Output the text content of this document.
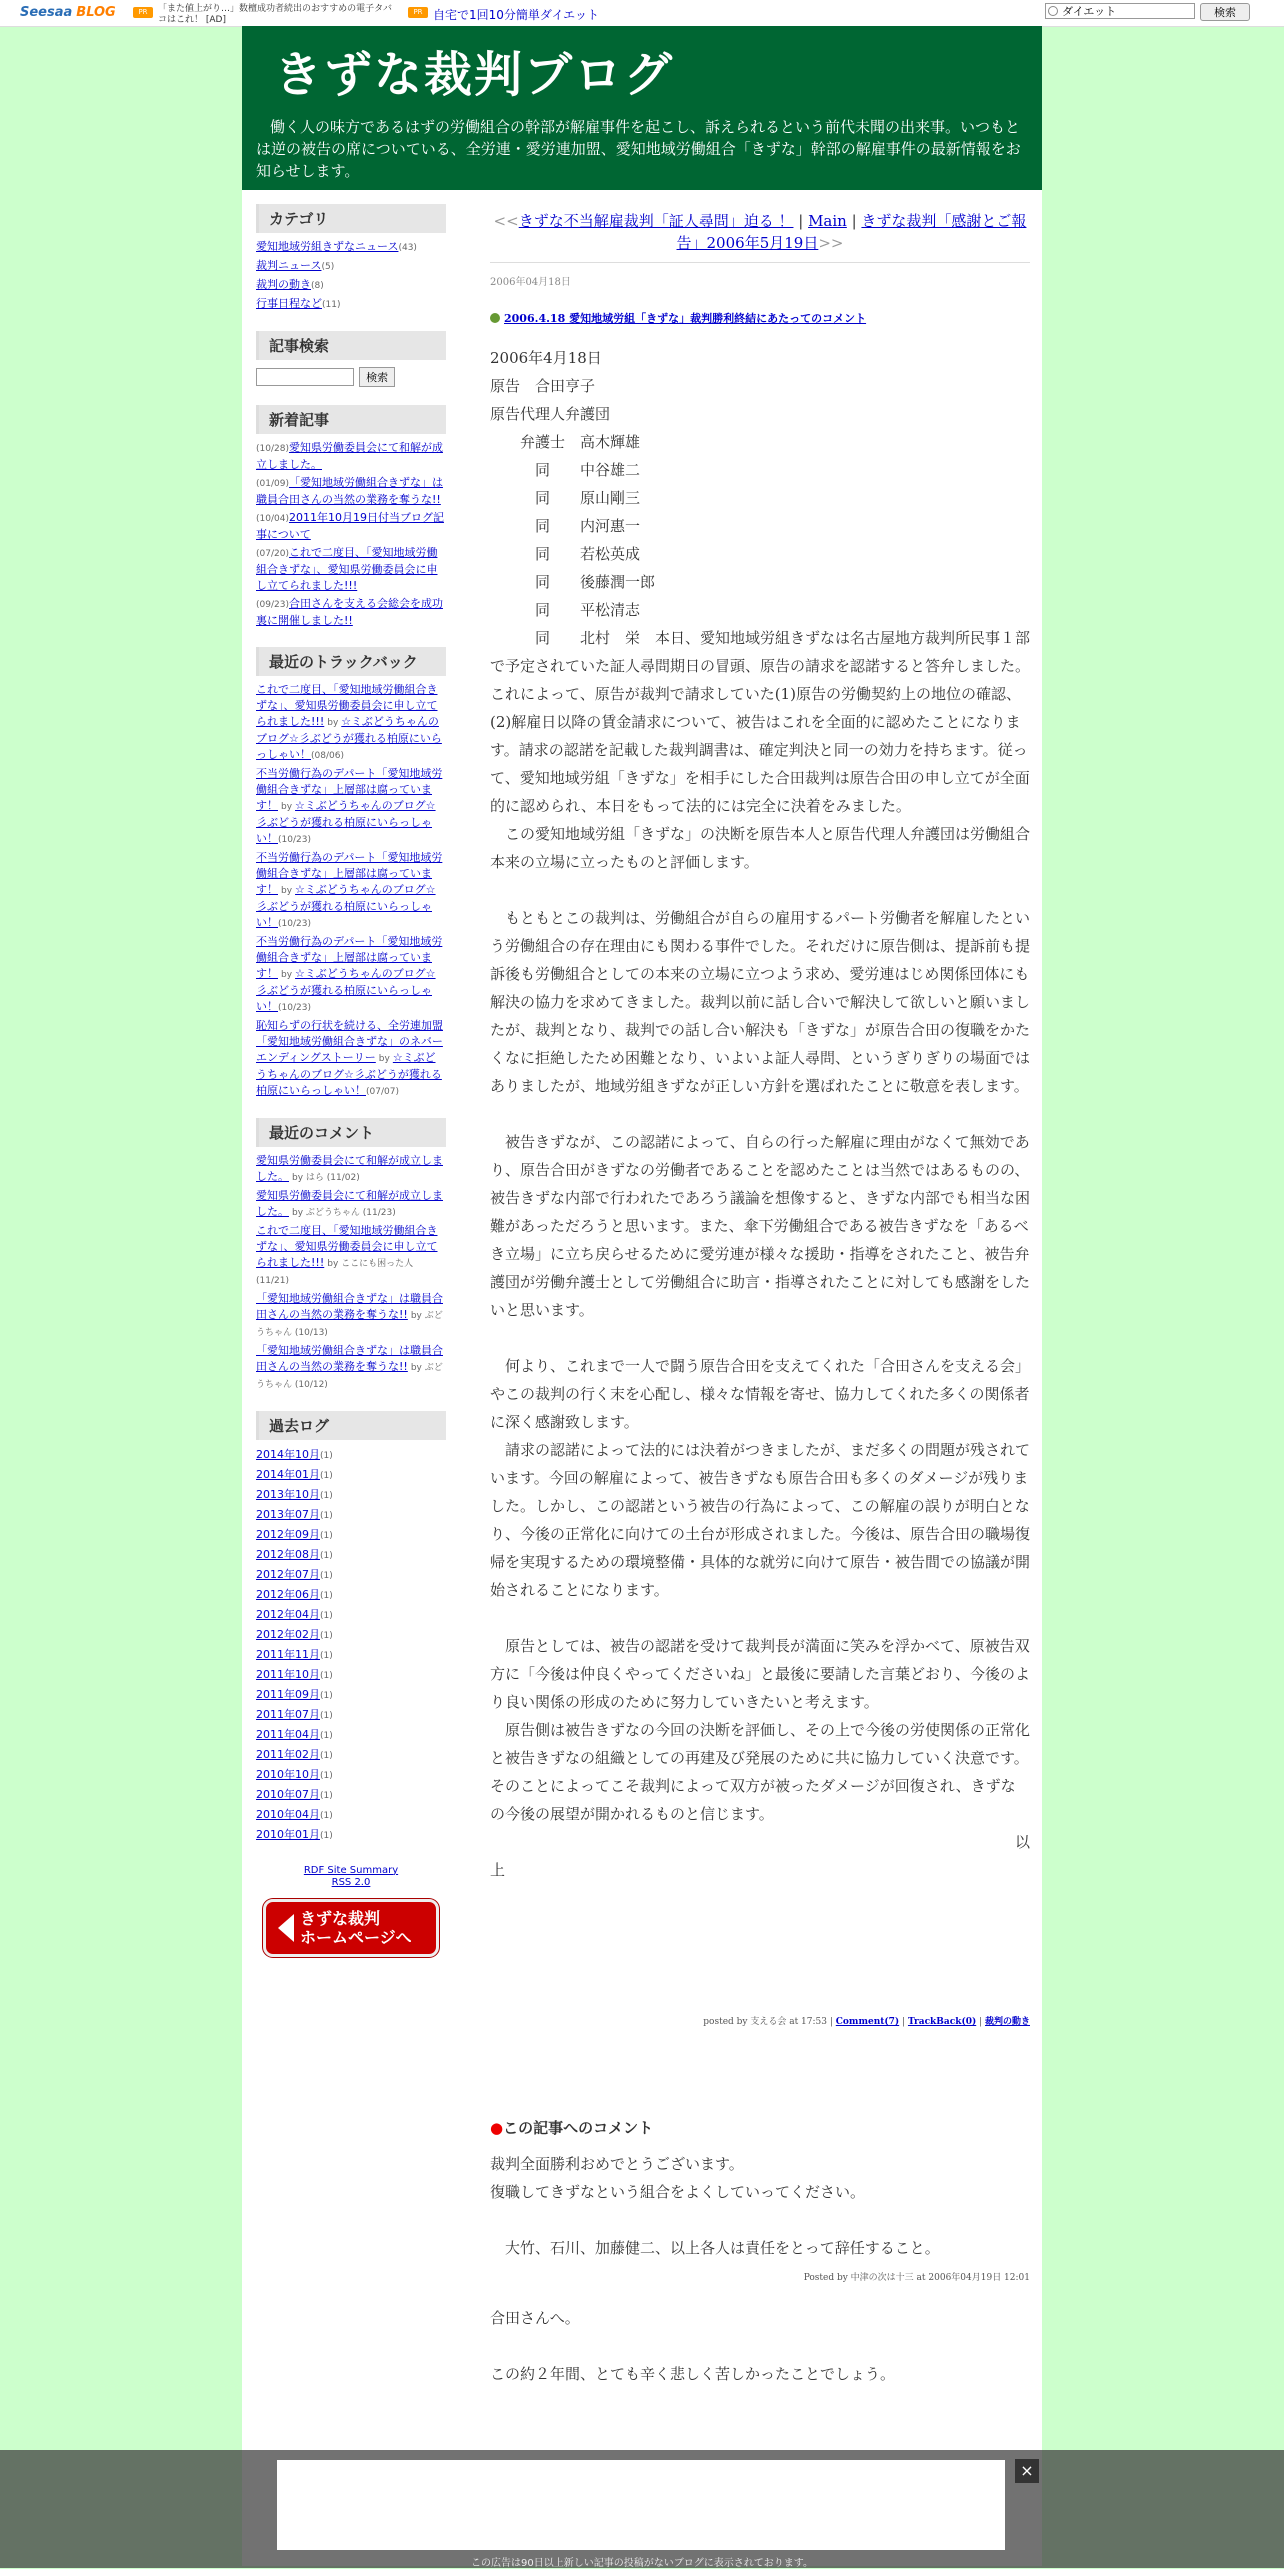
Seesaa BLOG	PR	「また値上がり…」数檀成功者続出のおすすめの電子タバコはこれ！ [AD]
PR 自宅で1回10分簡単ダイエット
ダイエット	検索
きずな裁判ブログ
働く人の味方であるはずの労働組合の幹部が解雇事件を起こし、訴えられるという前代未聞の出来事。いつもとは逆の被告の席についている、全労連・愛労連加盟、愛知地域労働組合「きずな」幹部の解雇事件の最新情報をお知らせします。
カテゴリ
愛知地域労組きずなニュース(43)
裁判ニュース(5)
裁判の動き(8)
行事日程など(11)
記事検索
検索
新着記事
(10/28)愛知県労働委員会にて和解が成立しました。
(01/09)「愛知地域労働組合きずな」は職員合田さんの当然の業務を奪うな!!
(10/04)2011年10月19日付当ブログ記事について
(07/20)これで二度目、「愛知地域労働組合きずな」、愛知県労働委員会に申し立てられました!!!
(09/23)合田さんを支える会総会を成功裏に開催しました!!
最近のトラックバック
これで二度目、「愛知地域労働組合きずな」、愛知県労働委員会に申し立てられました!!! by ☆ミぶどうちゃんのブログ☆彡ぶどうが獲れる柏原にいらっしゃい！(08/06)
不当労働行為のデパート「愛知地域労働組合きずな」上層部は腐っています！ by ☆ミぶどうちゃんのブログ☆彡ぶどうが獲れる柏原にいらっしゃい！(10/23)
不当労働行為のデパート「愛知地域労働組合きずな」上層部は腐っています！ by ☆ミぶどうちゃんのブログ☆彡ぶどうが獲れる柏原にいらっしゃい！(10/23)
不当労働行為のデパート「愛知地域労働組合きずな」上層部は腐っています！ by ☆ミぶどうちゃんのブログ☆彡ぶどうが獲れる柏原にいらっしゃい！(10/23)
恥知らずの行状を続ける、全労連加盟「愛知地域労働組合きずな」のネバーエンディングストーリー by ☆ミぶどうちゃんのブログ☆彡ぶどうが獲れる柏原にいらっしゃい！(07/07)
最近のコメント
愛知県労働委員会にて和解が成立しました。 by はら (11/02)
愛知県労働委員会にて和解が成立しました。 by ぶどうちゃん (11/23)
これで二度目、「愛知地域労働組合きずな」、愛知県労働委員会に申し立てられました!!! by ここにも困った人 (11/21)
「愛知地域労働組合きずな」は職員合田さんの当然の業務を奪うな!! by ぶどうちゃん (10/13)
「愛知地域労働組合きずな」は職員合田さんの当然の業務を奪うな!! by ぶどうちゃん (10/12)
過去ログ
2014年10月(1)
2014年01月(1)
2013年10月(1)
2013年07月(1)
2012年09月(1)
2012年08月(1)
2012年07月(1)
2012年06月(1)
2012年04月(1)
2012年02月(1)
2011年11月(1)
2011年10月(1)
2011年09月(1)
2011年07月(1)
2011年04月(1)
2011年02月(1)
2010年10月(1)
2010年07月(1)
2010年04月(1)
2010年01月(1)
RDF Site Summary
RSS 2.0
きずな裁判
ホームページへ
<<きずな不当解雇裁判「証人尋問」迫る ！ | Main | きずな裁判「感謝とご報告」2006年5月19日>>
2006年04月18日
2006.4.18 愛知地域労組「きずな」裁判勝利終結にあたってのコメント

2006年4月18日

原告　合田亨子

原告代理人弁護団

　　弁護士　高木輝雄

　　　同　　中谷雄二

　　　同　　原山剛三

　　　同　　内河惠一

　　　同　　若松英成

　　　同　　後藤潤一郎

　　　同　　平松清志

　　　同　　北村　栄　本日、愛知地域労組きずなは名古屋地方裁判所民事１部で予定されていた証人尋問期日の冒頭、原告の請求を認諾すると答弁しました。これによって、原告が裁判で請求していた(1)原告の労働契約上の地位の確認、(2)解雇日以降の賃金請求について、被告はこれを全面的に認めたことになります。請求の認諾を記載した裁判調書は、確定判決と同一の効力を持ちます。従って、愛知地域労組「きずな」を相手にした合田裁判は原告合田の申し立てが全面的に認められ、本日をもって法的には完全に決着をみました。

　この愛知地域労組「きずな」の決断を原告本人と原告代理人弁護団は労働組合本来の立場に立ったものと評価します。

　もともとこの裁判は、労働組合が自らの雇用するパート労働者を解雇したという労働組合の存在理由にも関わる事件でした。それだけに原告側は、提訴前も提訴後も労働組合としての本来の立場に立つよう求め、愛労連はじめ関係団体にも解決の協力を求めてきました。裁判以前に話し合いで解決して欲しいと願いましたが、裁判となり、裁判での話し合い解決も「きずな」が原告合田の復職をかたくなに拒絶したため困難となり、いよいよ証人尋問、というぎりぎりの場面ではありましたが、地域労組きずなが正しい方針を選ばれたことに敬意を表します。

　被告きずなが、この認諾によって、自らの行った解雇に理由がなくて無効であり、原告合田がきずなの労働者であることを認めたことは当然ではあるものの、被告きずな内部で行われたであろう議論を想像すると、きずな内部でも相当な困難があっただろうと思います。また、傘下労働組合である被告きずなを「あるべき立場」に立ち戻らせるために愛労連が様々な援助・指導をされたこと、被告弁護団が労働弁護士として労働組合に助言・指導されたことに対しても感謝をしたいと思います。

　何より、これまで一人で闘う原告合田を支えてくれた「合田さんを支える会」やこの裁判の行く末を心配し、様々な情報を寄せ、協力してくれた多くの関係者に深く感謝致します。

　請求の認諾によって法的には決着がつきましたが、まだ多くの問題が残されています。今回の解雇によって、被告きずなも原告合田も多くのダメージが残りました。しかし、この認諾という被告の行為によって、この解雇の誤りが明白となり、今後の正常化に向けての土台が形成されました。今後は、原告合田の職場復帰を実現するための環境整備・具体的な就労に向けて原告・被告間での協議が開始されることになります。

　原告としては、被告の認諾を受けて裁判長が満面に笑みを浮かべて、原被告双方に「今後は仲良くやってくださいね」と最後に要請した言葉どおり、今後のより良い関係の形成のために努力していきたいと考えます。

　原告側は被告きずなの今回の決断を評価し、その上で今後の労使関係の正常化と被告きずなの組織としての再建及び発展のために共に協力していく決意です。そのことによってこそ裁判によって双方が被ったダメージが回復され、きずなの今後の展望が開かれるものと信じます。

以

上

posted by 支える会 at 17:53 | Comment(7) | TrackBack(0) | 裁判の動き
●この記事へのコメント

裁判全面勝利おめでとうございます。

復職してきずなという組合をよくしていってください。

　大竹、石川、加藤健二、以上各人は責任をとって辞任すること。

Posted by 中津の次は十三 at 2006年04月19日 12:01

合田さんへ。

この約２年間、とても辛く悲しく苦しかったことでしょう。

×
この広告は90日以上新しい記事の投稿がないブログに表示されております。
